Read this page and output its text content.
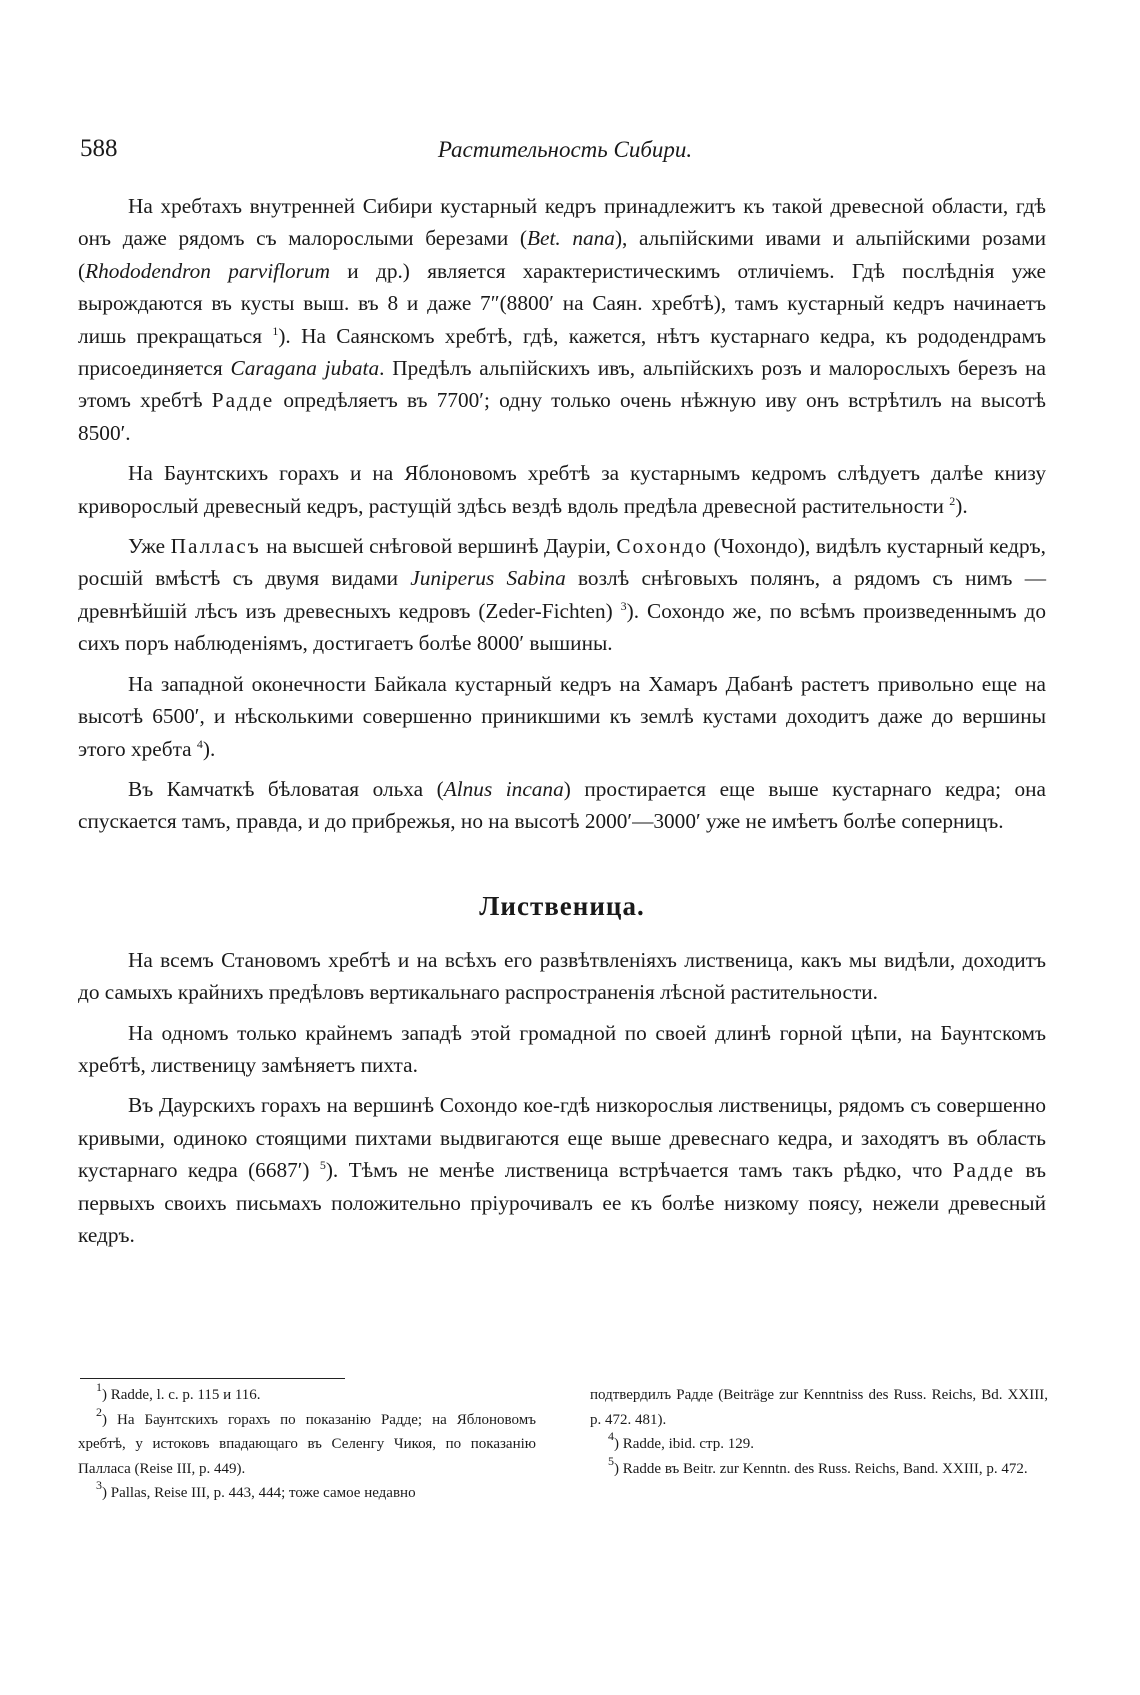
588	Растительность Сибири.

На хребтахъ внутренней Сибири кустарный кедръ принадлежитъ къ такой древесной области, гдѣ онъ даже рядомъ съ малорослыми березами (Bet. nana), альпійскими ивами и альпійскими розами (Rhododendron parviflorum и др.) является характеристическимъ отличіемъ. Гдѣ послѣднія уже вырождаются въ кусты выш. въ 8 и даже 7″(8800′ на Саян. хребтѣ), тамъ кустарный кедръ начинаетъ лишь прекращаться $^1$). На Саянскомъ хребтѣ, гдѣ, кажется, нѣтъ кустарнаго кедра, къ рододендрамъ присоединяется Caragana jubata. Предѣлъ альпійскихъ ивъ, альпійскихъ розъ и малорослыхъ березъ на этомъ хребтѣ Радде опредѣляетъ въ 7700′; одну только очень нѣжную иву онъ встрѣтилъ на высотѣ 8500′.

На Баунтскихъ горахъ и на Яблоновомъ хребтѣ за кустарнымъ кедромъ слѣдуетъ далѣе книзу криворослый древесный кедръ, растущій здѣсь вездѣ вдоль предѣла древесной растительности $^2$).

Уже Палласъ на высшей снѣговой вершинѣ Дауріи, Сохондо (Чохондо), видѣлъ кустарный кедръ, росшій вмѣстѣ съ двумя видами Juniperus Sabina возлѣ снѣговыхъ полянъ, а рядомъ съ нимъ — древнѣйшій лѣсъ изъ древесныхъ кедровъ (Zeder-Fichten) $^3$). Сохондо же, по всѣмъ произведеннымъ до сихъ поръ наблюденіямъ, достигаетъ болѣе 8000′ вышины.

На западной оконечности Байкала кустарный кедръ на Хамаръ Дабанѣ растетъ привольно еще на высотѣ 6500′, и нѣсколькими совершенно приникшими къ землѣ кустами доходитъ даже до вершины этого хребта $^4$).

Въ Камчаткѣ бѣловатая ольха (Alnus incana) простирается еще выше кустарнаго кедра; она спускается тамъ, правда, и до прибрежья, но на высотѣ 2000′—3000′ уже не имѣетъ болѣе соперницъ.

Лиственица.

На всемъ Становомъ хребтѣ и на всѣхъ его развѣтвленіяхъ лиственица, какъ мы видѣли, доходитъ до самыхъ крайнихъ предѣловъ вертикальнаго распространенія лѣсной растительности.

На одномъ только крайнемъ западѣ этой громадной по своей длинѣ горной цѣпи, на Баунтскомъ хребтѣ, лиственицу замѣняетъ пихта.

Въ Даурскихъ горахъ на вершинѣ Сохондо кое-гдѣ низкорослыя лиственицы, рядомъ съ совершенно кривыми, одиноко стоящими пихтами выдвигаются еще выше древеснаго кедра, и заходятъ въ область кустарнаго кедра (6687′) $^5$). Тѣмъ не менѣе лиственица встрѣчается тамъ такъ рѣдко, что Радде въ первыхъ своихъ письмахъ положительно пріурочивалъ ее къ болѣе низкому поясу, нежели древесный кедръ.

$^1$) Radde, l. c. p. 115 и 116.

$^2$) На Баунтскихъ горахъ по показанію Радде; на Яблоновомъ хребтѣ, у истоковъ впадающаго въ Селенгу Чикоя, по показанію Палласа (Reise III, p. 449).

$^3$) Pallas, Reise III, p. 443, 444; тоже самое недавно

подтвердилъ Радде (Beiträge zur Kenntniss des Russ. Reichs, Bd. XXIII, p. 472. 481).

$^4$) Radde, ibid. стр. 129.

$^5$) Radde въ Beitr. zur Kenntn. des Russ. Reichs, Band. XXIII, p. 472.
